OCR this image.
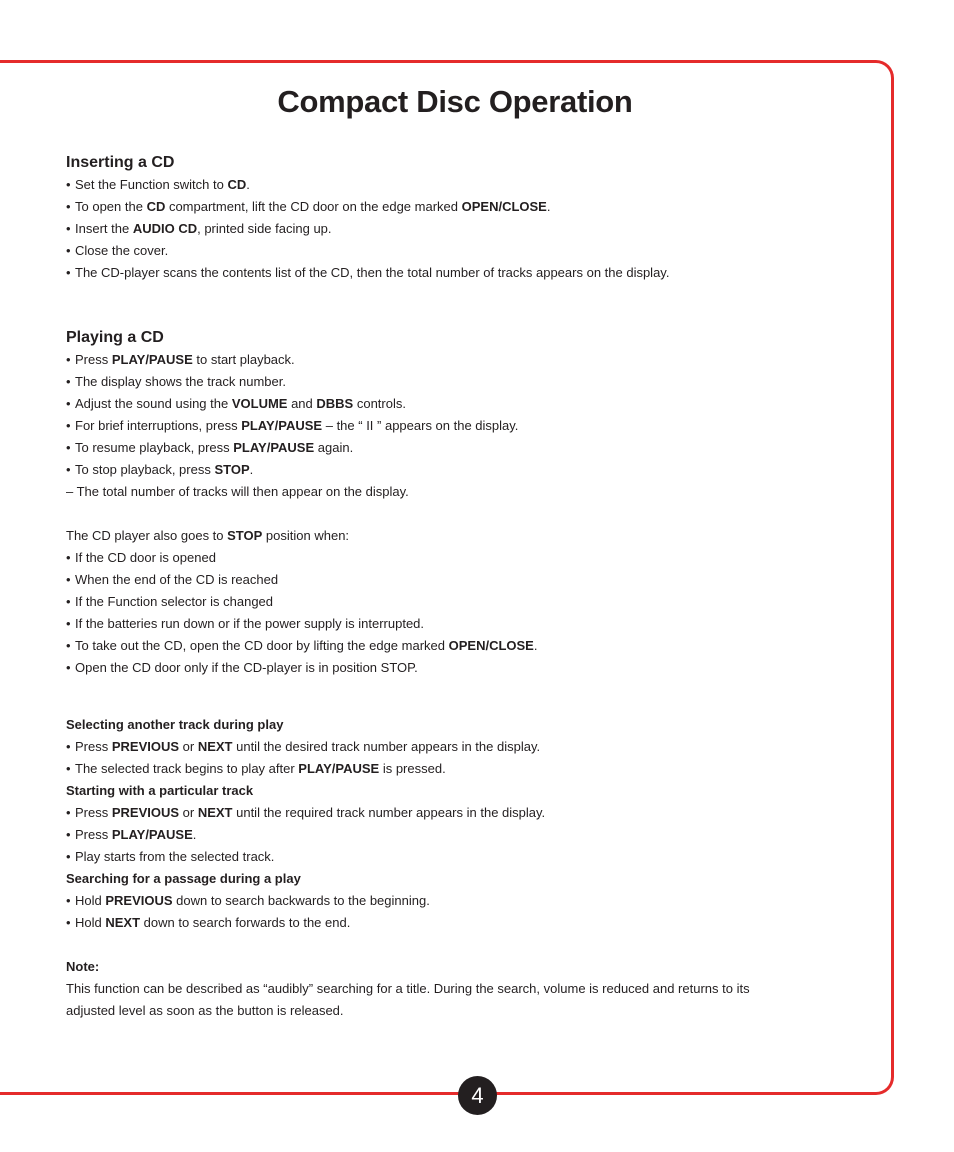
Compact Disc Operation

Inserting a CD

• Set the Function switch to CD.

• To open the CD compartment, lift the CD door on the edge marked OPEN/CLOSE.

• Insert the AUDIO CD, printed side facing up.

• Close the cover.

• The CD-player scans the contents list of the CD, then the total number of tracks appears on the display.

Playing a CD

• Press PLAY/PAUSE to start playback.

• The display shows the track number.

• Adjust the sound using the VOLUME and DBBS controls.

• For brief interruptions, press PLAY/PAUSE – the “ II ” appears on the display.

• To resume playback, press PLAY/PAUSE again.

• To stop playback, press STOP.

– The total number of tracks will then appear on the display.

The CD player also goes to STOP position when:

• If the CD door is opened

• When the end of the CD is reached

• If the Function selector is changed

• If the batteries run down or if the power supply is interrupted.

• To take out the CD, open the CD door by lifting the edge marked OPEN/CLOSE.

• Open the CD door only if the CD-player is in position STOP.

Selecting another track during play

• Press PREVIOUS or NEXT until the desired track number appears in the display.

• The selected track begins to play after PLAY/PAUSE is pressed.

Starting with a particular track

• Press PREVIOUS or NEXT until the required track number appears in the display.

• Press PLAY/PAUSE.

• Play starts from the selected track.

Searching for a passage during a play

• Hold PREVIOUS down to search backwards to the beginning.

• Hold NEXT down to search forwards to the end.

Note:

This function can be described as “audibly” searching for a title. During the search, volume is reduced and returns to its

adjusted level as soon as the button is released.

4
